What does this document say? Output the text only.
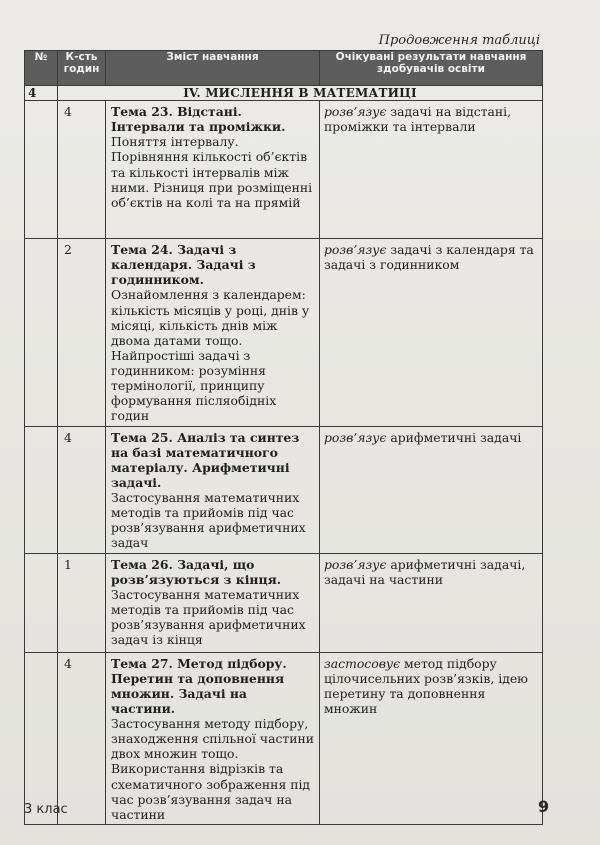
Продовження таблиці
№	К-сть годин	Зміст навчання	Очікувані результати навчання здобувачів освіти
4	IV. МИСЛЕННЯ В МАТЕМАТИЦІ		
	4	Тема 23. Відстані. Інтервали та проміжки.
Поняття інтервалу. Порівняння кількості об’єктів та кількості інтервалів між ними. Різниця при розміщенні об’єктів на колі та на прямій	розв’язує задачі на відстані, проміжки та інтервали
	2	Тема 24. Задачі з календаря. Задачі з годинником.
Ознайомлення з календарем: кількість місяців у році, днів у місяці, кількість днів між двома датами тощо. Найпростіші задачі з годинником: розуміння термінології, принципу формування післяобідніх годин	розв’язує задачі з календаря та задачі з годинником
	4	Тема 25. Аналіз та синтез на базі математичного матеріалу. Арифметичні задачі.
Застосування математичних методів та прийомів під час розв’язування арифметичних задач	розв’язує арифметичні задачі
	1	Тема 26. Задачі, що розв’язуються з кінця.
Застосування математичних методів та прийомів під час розв’язування арифметичних задач із кінця	розв’язує арифметичні задачі, задачі на частини
	4	Тема 27. Метод підбору. Перетин та доповнення множин. Задачі на частини.
Застосування методу підбору, знаходження спільної частини двох множин тощо. Використання відрізків та схематичного зображення під час розв’язування задач на частини	застосовує метод підбору цілочисельних розв’язків, ідею перетину та доповнення множин
3 клас	9
